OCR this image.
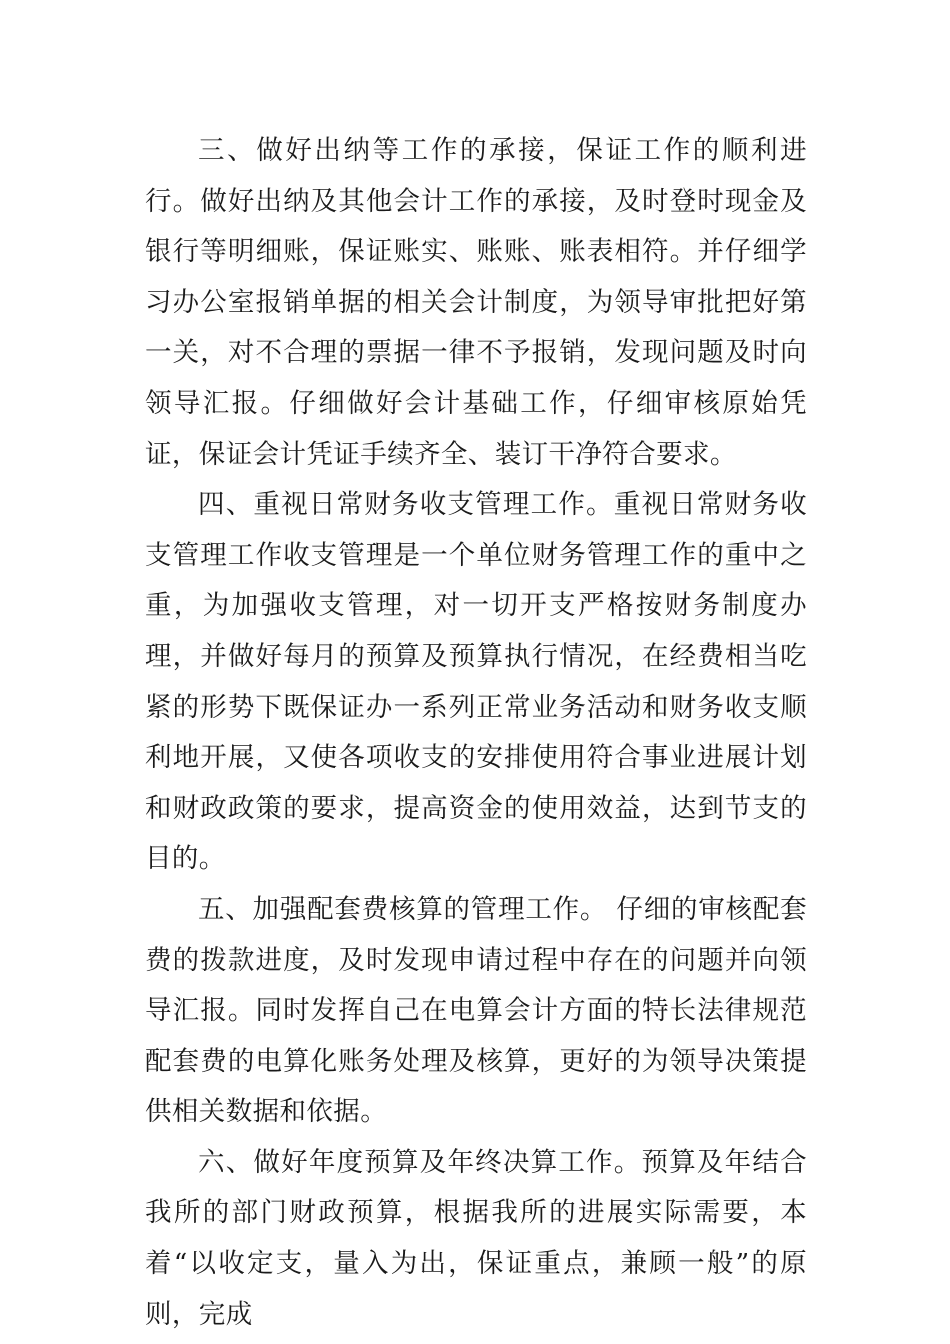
三、做好出纳等工作的承接，保证工作的顺利进行。做好出纳及其他会计工作的承接，及时登时现金及银行等明细账，保证账实、账账、账表相符。并仔细学习办公室报销单据的相关会计制度，为领导审批把好第一关，对不合理的票据一律不予报销，发现问题及时向领导汇报。仔细做好会计基础工作，仔细审核原始凭证，保证会计凭证手续齐全、装订干净符合要求。

四、重视日常财务收支管理工作。重视日常财务收支管理工作收支管理是一个单位财务管理工作的重中之重，为加强收支管理，对一切开支严格按财务制度办理，并做好每月的预算及预算执行情况，在经费相当吃紧的形势下既保证办一系列正常业务活动和财务收支顺利地开展，又使各项收支的安排使用符合事业进展计划和财政政策的要求，提高资金的使用效益，达到节支的目的。

五、加强配套费核算的管理工作。 仔细的审核配套费的拨款进度，及时发现申请过程中存在的问题并向领导汇报。同时发挥自己在电算会计方面的特长法律规范配套费的电算化账务处理及核算，更好的为领导决策提供相关数据和依据。

六、做好年度预算及年终决算工作。预算及年结合我所的部门财政预算，根据我所的进展实际需要，本着“以收定支，量入为出，保证重点，兼顾一般”的原则，完成
